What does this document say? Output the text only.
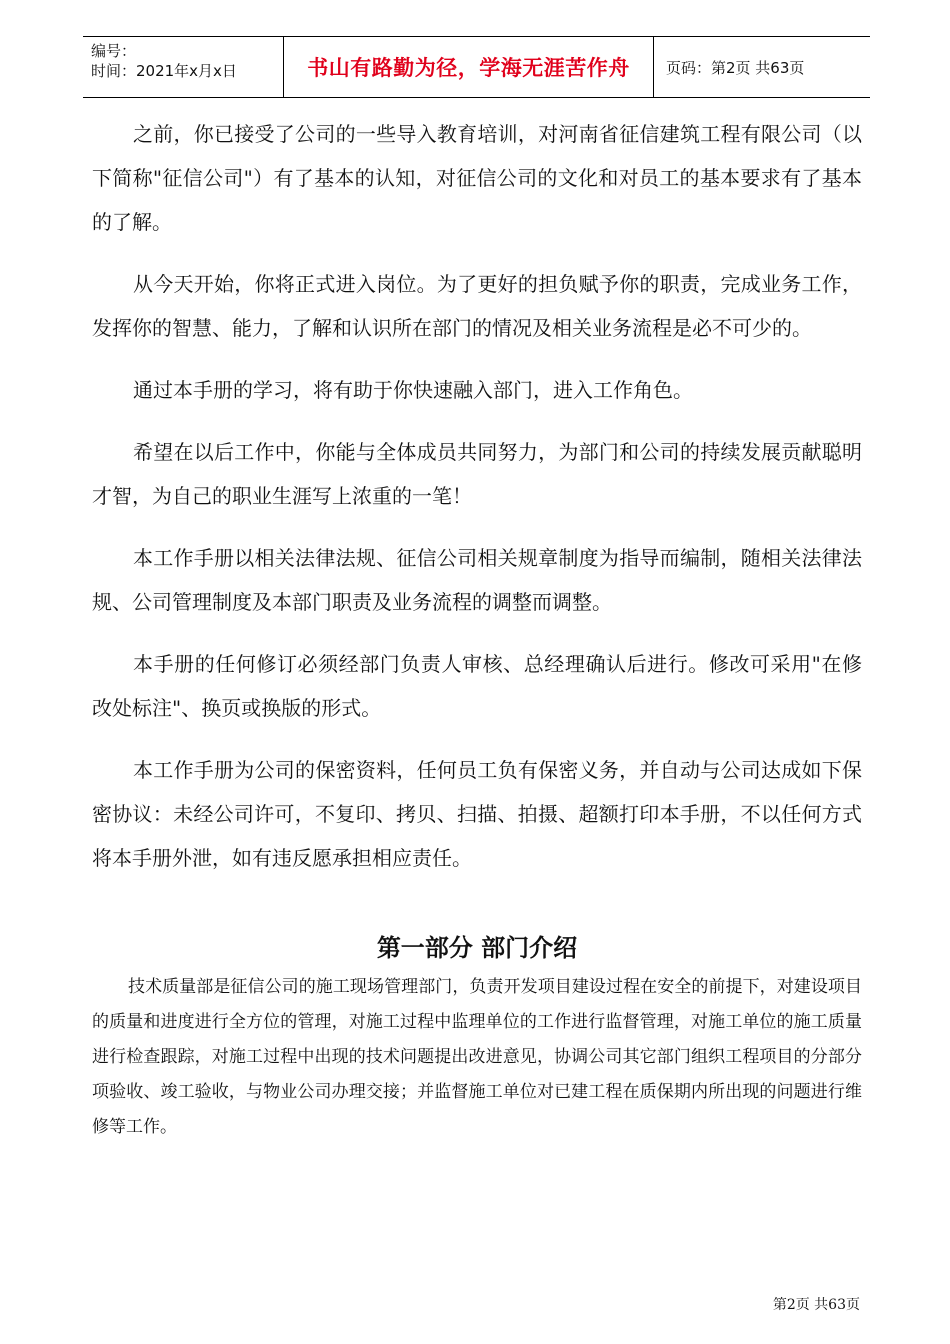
编号：
时间：2021年x月x日	书山有路勤为径，学海无涯苦作舟	页码：第2页 共63页

之前，你已接受了公司的一些导入教育培训，对河南省征信建筑工程有限公司（以下简称"征信公司"）有了基本的认知，对征信公司的文化和对员工的基本要求有了基本的了解。

从今天开始，你将正式进入岗位。为了更好的担负赋予你的职责，完成业务工作，发挥你的智慧、能力，了解和认识所在部门的情况及相关业务流程是必不可少的。

通过本手册的学习，将有助于你快速融入部门，进入工作角色。

希望在以后工作中，你能与全体成员共同努力，为部门和公司的持续发展贡献聪明才智，为自己的职业生涯写上浓重的一笔！

本工作手册以相关法律法规、征信公司相关规章制度为指导而编制，随相关法律法规、公司管理制度及本部门职责及业务流程的调整而调整。

本手册的任何修订必须经部门负责人审核、总经理确认后进行。修改可采用"在修改处标注"、换页或换版的形式。

本工作手册为公司的保密资料，任何员工负有保密义务，并自动与公司达成如下保密协议：未经公司许可，不复印、拷贝、扫描、拍摄、超额打印本手册，不以任何方式将本手册外泄，如有违反愿承担相应责任。

第一部分 部门介绍

技术质量部是征信公司的施工现场管理部门，负责开发项目建设过程在安全的前提下，对建设项目的质量和进度进行全方位的管理，对施工过程中监理单位的工作进行监督管理，对施工单位的施工质量进行检查跟踪，对施工过程中出现的技术问题提出改进意见，协调公司其它部门组织工程项目的分部分项验收、竣工验收，与物业公司办理交接；并监督施工单位对已建工程在质保期内所出现的问题进行维修等工作。

第2页 共63页
